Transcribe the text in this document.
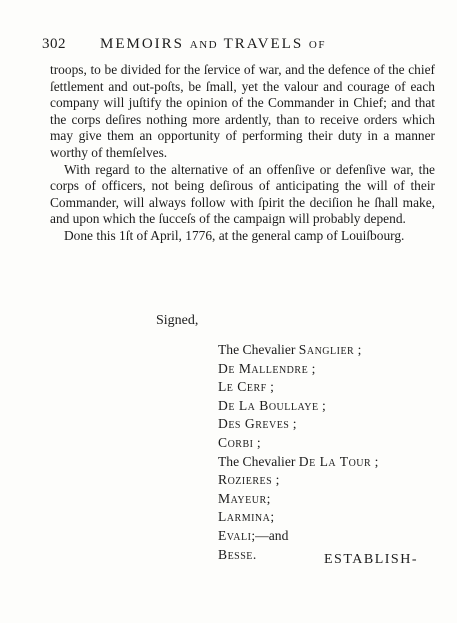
302 MEMOIRS AND TRAVELS OF

troops, to be divided for the ſervice of war, and the defence of the chief ſettlement and out-poſts, be ſmall, yet the valour and courage of each company will juſtify the opinion of the Commander in Chief; and that the corps deſires nothing more ardently, than to receive orders which may give them an opportunity of performing their duty in a manner worthy of themſelves.

With regard to the alternative of an offenſive or defenſive war, the corps of officers, not being deſirous of anticipating the will of their Commander, will always follow with ſpirit the deciſion he ſhall make, and upon which the ſucceſs of the campaign will probably depend.

Done this 1ſt of April, 1776, at the general camp of Louiſbourg.

Signed,
The Chevalier Sanglier ;
De Mallendre ;
Le Cerf ;
De La Boullaye ;
Des Greves ;
Corbi ;
The Chevalier De La Tour ;
Rozieres ;
Mayeur;
Larmina;
Evali;—and
Besse.	ESTABLISH-
